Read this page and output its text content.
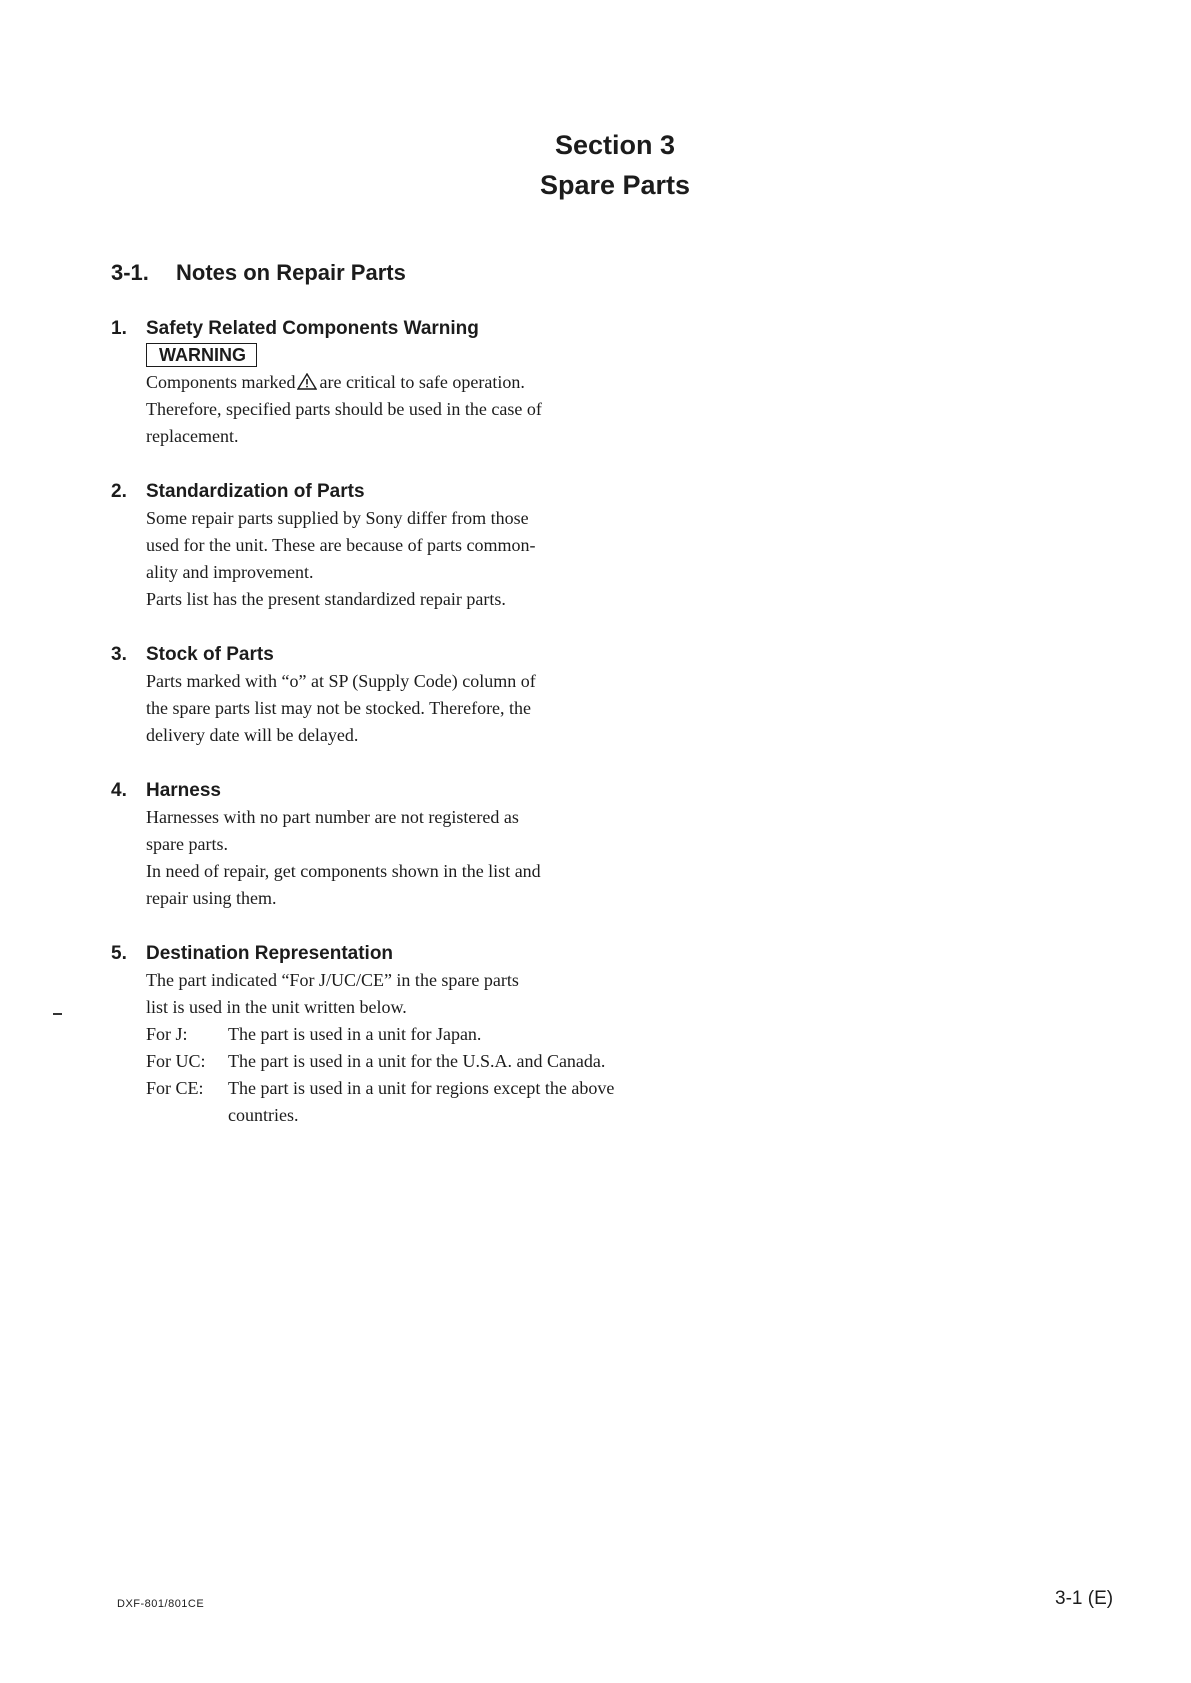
Section 3
Spare Parts
3-1. Notes on Repair Parts
1. Safety Related Components Warning
WARNING

Components marked are critical to safe operation.

Therefore, specified parts should be used in the case of

replacement.

2. Standardization of Parts

Some repair parts supplied by Sony differ from those

used for the unit. These are because of parts common-

ality and improvement.

Parts list has the present standardized repair parts.

3. Stock of Parts

Parts marked with “o” at SP (Supply Code) column of

the spare parts list may not be stocked. Therefore, the

delivery date will be delayed.

4. Harness

Harnesses with no part number are not registered as

spare parts.

In need of repair, get components shown in the list and

repair using them.

5. Destination Representation

The part indicated “For J/UC/CE” in the spare parts

list is used in the unit written below.

For J:	The part is used in a unit for Japan.
For UC:	The part is used in a unit for the U.S.A. and Canada.
For CE:	The part is used in a unit for regions except the above countries.
DXF-801/801CE	3-1 (E)
